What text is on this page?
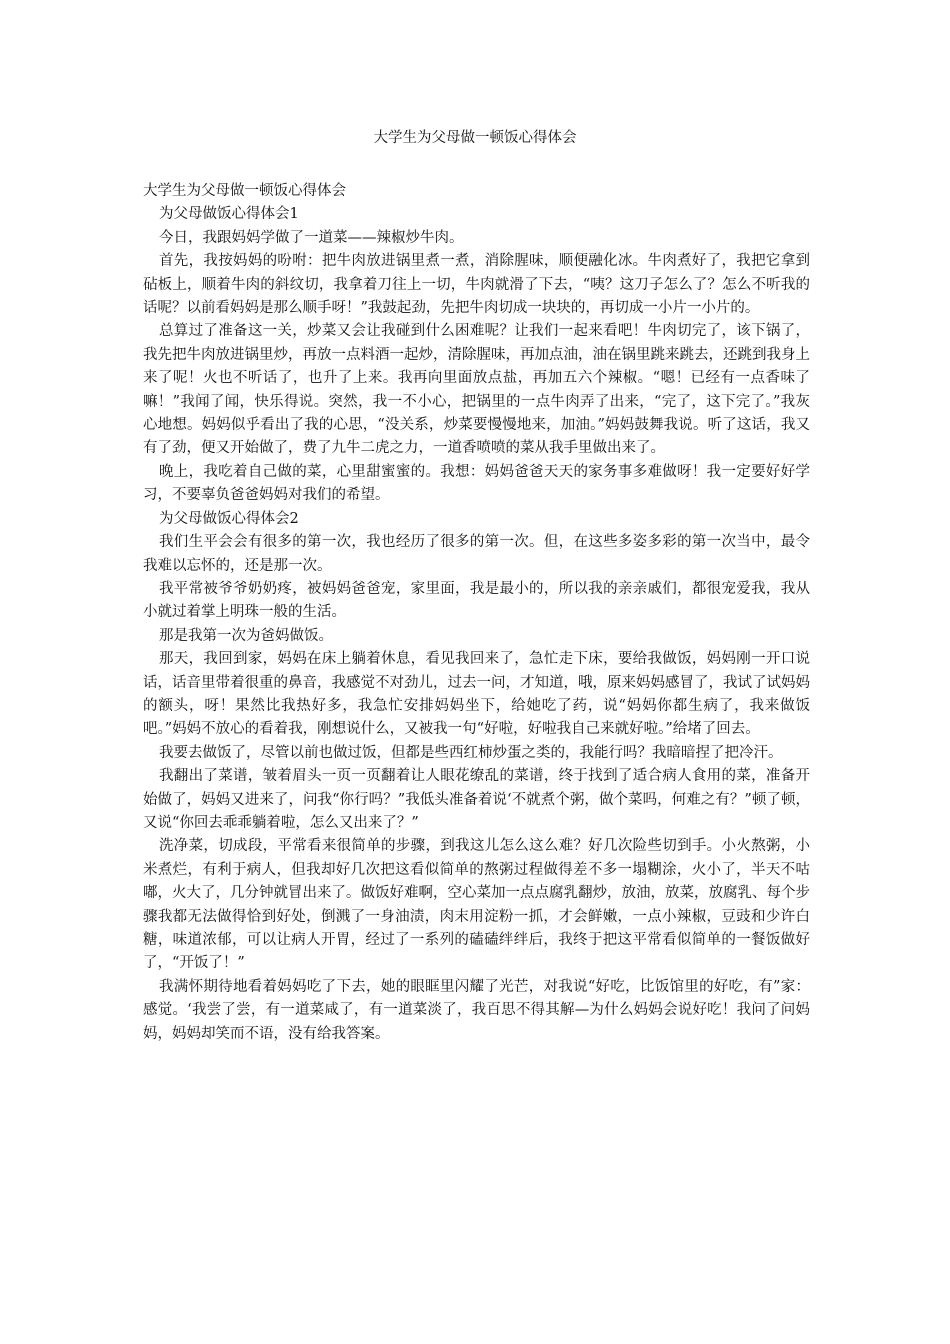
大学生为父母做一顿饭心得体会

大学生为父母做一顿饭心得体会

为父母做饭心得体会1

今日，我跟妈妈学做了一道菜——辣椒炒牛肉。

首先，我按妈妈的吩咐：把牛肉放进锅里煮一煮，消除腥味，顺便融化冰。牛肉煮好了，我把它拿到砧板上，顺着牛肉的斜纹切，我拿着刀往上一切，牛肉就滑了下去，“咦？这刀子怎么了？怎么不听我的话呢？以前看妈妈是那么顺手呀！”我鼓起劲，先把牛肉切成一块块的，再切成一小片一小片的。

总算过了准备这一关，炒菜又会让我碰到什么困难呢？让我们一起来看吧！牛肉切完了，该下锅了，我先把牛肉放进锅里炒，再放一点料酒一起炒，清除腥味，再加点油，油在锅里跳来跳去，还跳到我身上来了呢！火也不听话了，也升了上来。我再向里面放点盐，再加五六个辣椒。“嗯！已经有一点香味了嘛！”我闻了闻，快乐得说。突然，我一不小心，把锅里的一点牛肉弄了出来，“完了，这下完了。”我灰心地想。妈妈似乎看出了我的心思，“没关系，炒菜要慢慢地来，加油。”妈妈鼓舞我说。听了这话，我又有了劲，便又开始做了，费了九牛二虎之力，一道香喷喷的菜从我手里做出来了。

晚上，我吃着自己做的菜，心里甜蜜蜜的。我想：妈妈爸爸天天的家务事多难做呀！我一定要好好学习，不要辜负爸爸妈妈对我们的希望。

为父母做饭心得体会2

我们生平会会有很多的第一次，我也经历了很多的第一次。但，在这些多姿多彩的第一次当中，最令我难以忘怀的，还是那一次。

我平常被爷爷奶奶疼，被妈妈爸爸宠，家里面，我是最小的，所以我的亲亲戚们，都很宠爱我，我从小就过着掌上明珠一般的生活。

那是我第一次为爸妈做饭。

那天，我回到家，妈妈在床上躺着休息，看见我回来了，急忙走下床，要给我做饭，妈妈刚一开口说话，话音里带着很重的鼻音，我感觉不对劲儿，过去一问，才知道，哦，原来妈妈感冒了，我试了试妈妈的额头，呀！果然比我热好多，我急忙安排妈妈坐下，给她吃了药，说“妈妈你都生病了，我来做饭吧。”妈妈不放心的看着我，刚想说什么，又被我一句“好啦，好啦我自己来就好啦。”给堵了回去。

我要去做饭了，尽管以前也做过饭，但都是些西红柿炒蛋之类的，我能行吗？我暗暗捏了把冷汗。

我翻出了菜谱，皱着眉头一页一页翻着让人眼花缭乱的菜谱，终于找到了适合病人食用的菜，准备开始做了，妈妈又进来了，问我“你行吗？”我低头准备着说‘不就煮个粥，做个菜吗，何难之有？”顿了顿，又说“你回去乖乖躺着啦，怎么又出来了？”

洗净菜，切成段，平常看来很简单的步骤，到我这儿怎么这么难？好几次险些切到手。小火熬粥，小米煮烂，有利于病人，但我却好几次把这看似简单的熬粥过程做得差不多一塌糊涂，火小了，半天不咕嘟，火大了，几分钟就冒出来了。做饭好难啊，空心菜加一点点腐乳翻炒，放油，放菜，放腐乳、每个步骤我都无法做得恰到好处，倒溅了一身油渍，肉末用淀粉一抓，才会鲜嫩，一点小辣椒，豆豉和少许白糖，味道浓郁，可以让病人开胃，经过了一系列的磕磕绊绊后，我终于把这平常看似简单的一餐饭做好了，“开饭了！”

我满怀期待地看着妈妈吃了下去，她的眼眶里闪耀了光芒，对我说“好吃，比饭馆里的好吃，有”家：感觉。‘我尝了尝，有一道菜咸了，有一道菜淡了，我百思不得其解—为什么妈妈会说好吃！我问了问妈妈，妈妈却笑而不语，没有给我答案。
